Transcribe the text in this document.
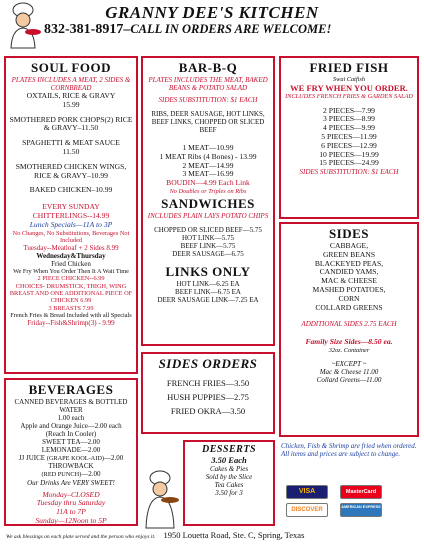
GRANNY DEE'S KITCHEN
832-381-8917–CALL IN ORDERS ARE WELCOME!
SOUL FOOD
PLATES INCLUDES A MEAT, 2 SIDES & CORNBREAD
OXTAILS, RICE & GRAVY
15.99
SMOTHERED PORK CHOPS(2) RICE & GRAVY–11.50
SPAGHETTI & MEAT SAUCE
11.50
SMOTHERED CHICKEN WINGS, RICE & GRAVY–10.99
BAKED CHICKEN–10.99
EVERY SUNDAY
CHITTERLINGS--14.99
Lunch Specials—11A to 3P
No Changes, No Substitutions, Beverages Not Included
Tuesday--Meatloaf + 2 Sides 8.99
Wednesday&Thursday
Fried Chicken
We Fry When You Order Then It A Wait Time
2 PIECE CHICKEN--6.99
CHOICES- DRUMSTICK, THIGH, WING BREAST AND ONE ADDITIONAL PIECE OF CHICKEN 6.99
3 BREASTS 7.99
French Fries & Bread Included with all Specials
Friday--Fish&Shrimp(3) - 9.99
BAR-B-Q
PLATES INCLUDES THE MEAT, BAKED BEANS & POTATO SALAD
SIDES SUBSTITUTION: $1 EACH
RIBS, DEER SAUSAGE, HOT LINKS, BEEF LINKS, CHOPPED OR SLICED BEEF
1 MEAT—10.99
1 MEAT Ribs (4 Bones) - 13.99
2 MEAT—14.99
3 MEAT—16.99
BOUDIN—4.99 Each Link
No Doubles or Triples on Ribs
SANDWICHES
INCLUDES PLAIN LAYS POTATO CHIPS
CHOPPED OR SLICED BEEF—5.75
HOT LINK—5.75
BEEF LINK—5.75
DEER SAUSAGE—6.75
LINKS ONLY
HOT LINK—6.25 EA
BEEF LINK—6.75 EA
DEER SAUSAGE LINK—7.25 EA
FRIED FISH
Swai Catfish
WE FRY WHEN YOU ORDER.
INCLUDES FRENCH FRIES & GARDEN SALAD
2 PIECES—7.99
3 PIECES—8.99
4 PIECES—9.99
5 PIECES—11.99
6 PIECES—12.99
10 PIECES—19.99
15 PIECES—24.99
SIDES SUBSTITUTION: $1 EACH
SIDES
CABBAGE,
GREEN BEANS
BLACKEYED PEAS,
CANDIED YAMS,
MAC & CHEESE
MASHED POTATOES,
CORN
COLLARD GREENS
ADDITIONAL SIDES 2.75 EACH
Family Size Sides—8.50 ea.
32oz. Container
~EXCEPT ~
Mac & Cheese 11.00
Collard Greens—11.00
BEVERAGES
CANNED BEVERAGES & BOTTLED WATER
1.00 each
Apple and Orange Juice—2.00 each
(Reach In Cooler)
SWEET TEA—2.00
LEMONADE—2.00
JJ JUICE (GRAPE KOOL-AID)—2.00
THROWBACK
(RED PUNCH)—2.00
Our Drinks Are VERY SWEET!
Monday–CLOSED
Tuesday thru Saturday
11A to 7P
Sunday—12Noon to 5P
SIDES ORDERS
FRENCH FRIES—3.50
HUSH PUPPIES—2.75
FRIED OKRA—3.50
DESSERTS
3.50 Each
Cakes & Pies
Sold by the Slice
Tea Cakes
3.50 for 3
Chicken, Fish & Shrimp are fried when ordered.
All items and prices are subject to change.
VISA	MasterCard
DISCOVER	AMERICAN EXPRESS
We ask blessings on each plate served and the person who enjoys it. 1950 Louetta Road, Ste. C, Spring, Texas
